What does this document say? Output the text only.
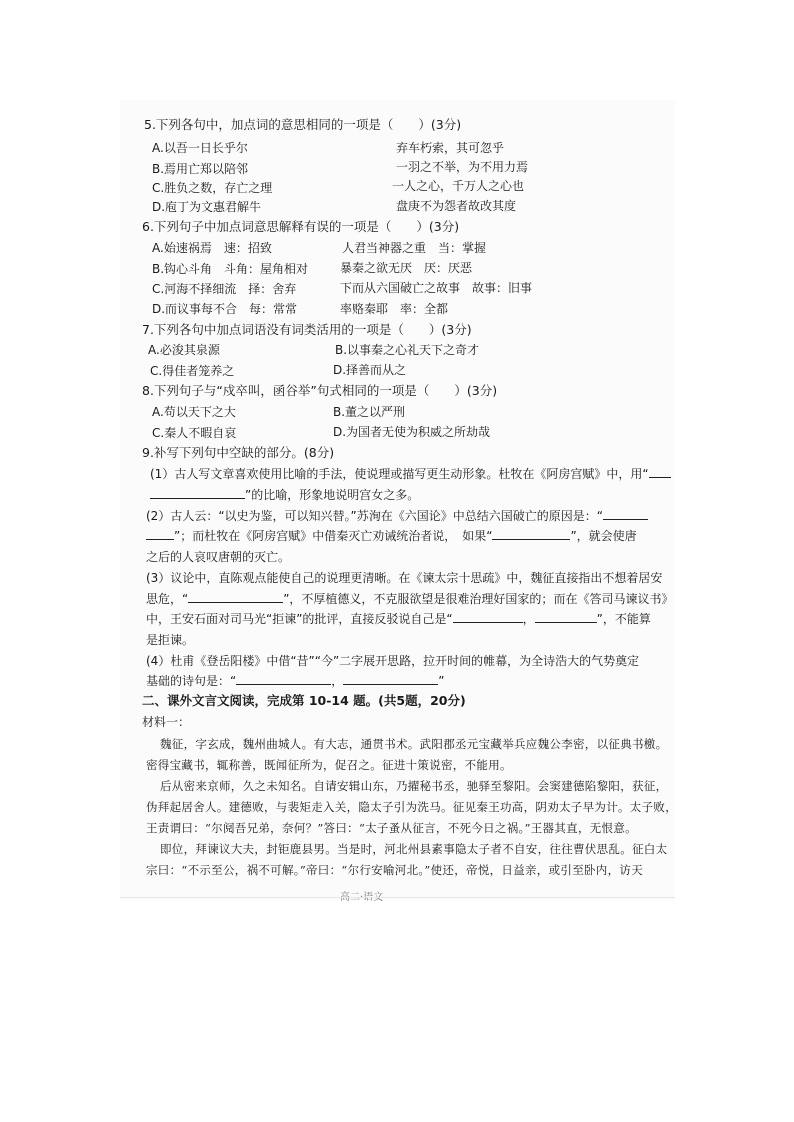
5.下列各句中，加点词的意思相同的一项是（　　）(3分)
A.以吾一日长乎尔	弃车朽索，其可忽乎
B.焉用亡郑以陪邻	一羽之不举，为不用力焉
C.胜负之数，存亡之理	一人之心，千万人之心也
D.庖丁为文惠君解牛	盘庚不为怨者故改其度
6.下列句子中加点词意思解释有误的一项是（　　）(3分)
A.始速祸焉　速：招致	人君当神器之重　当：掌握
B.钩心斗角　斗角：屋角相对	暴秦之欲无厌　厌：厌恶
C.河海不择细流　择：舍弃	下而从六国破亡之故事　故事：旧事
D.而议事每不合　每：常常	率赂秦耶　率：全都
7.下列各句中加点词语没有词类活用的一项是（　　）(3分)
A.必浚其泉源	B.以事秦之心礼天下之奇才
C.得佳者笼养之	D.择善而从之
8.下列句子与“戍卒叫，函谷举”句式相同的一项是（　　）(3分)
A.苟以天下之大	B.董之以严刑
C.秦人不暇自哀	D.为国者无使为积威之所劫哉
9.补写下列句中空缺的部分。(8分)
(1）古人写文章喜欢使用比喻的手法，使说理或描写更生动形象。杜牧在《阿房宫赋》中，用“
”的比喻，形象地说明宫女之多。
(2）古人云：“以史为鉴，可以知兴替。”苏洵在《六国论》中总结六国破亡的原因是：“
”；而杜牧在《阿房宫赋》中借秦灭亡劝诫统治者说，　如果“	”，就会使唐
之后的人哀叹唐朝的灭亡。
(3）议论中，直陈观点能使自己的说理更清晰。在《谏太宗十思疏》中，魏征直接指出不想着居安
思危，“	”，不厚植德义，不克服欲望是很难治理好国家的；而在《答司马谏议书》
中，王安石面对司马光“拒谏”的批评，直接反驳说自己是“	，	”，不能算
是拒谏。
(4）杜甫《登岳阳楼》中借“昔”“今”二字展开思路，拉开时间的帷幕，为全诗浩大的气势奠定
基础的诗句是：“	，	”
二、课外文言文阅读，完成第 10-14 题。(共5题，20分)
材料一：
魏征，字玄成，魏州曲城人。有大志，通贯书术。武阳郡丞元宝藏举兵应魏公李密，以征典书檄。
密得宝藏书，辄称善，既闻征所为，促召之。征进十策说密，不能用。
后从密来京师，久之未知名。自请安辑山东，乃擢秘书丞，驰驿至黎阳。会窦建德陷黎阳，获征，
伪拜起居舍人。建德败，与裴矩走入关，隐太子引为洗马。征见秦王功高，阴劝太子早为计。太子败，
王责谓曰：“尔阋吾兄弟，奈何？”答曰：“太子蚤从征言，不死今日之祸。”王器其直，无恨意。
即位，拜谏议大夫，封钜鹿县男。当是时，河北州县素事隐太子者不自安，往往曹伏思乱。征白太
宗曰：“不示至公，祸不可解。”帝曰：“尔行安喻河北。”使还，帝悦，日益亲，或引至卧内，访天
